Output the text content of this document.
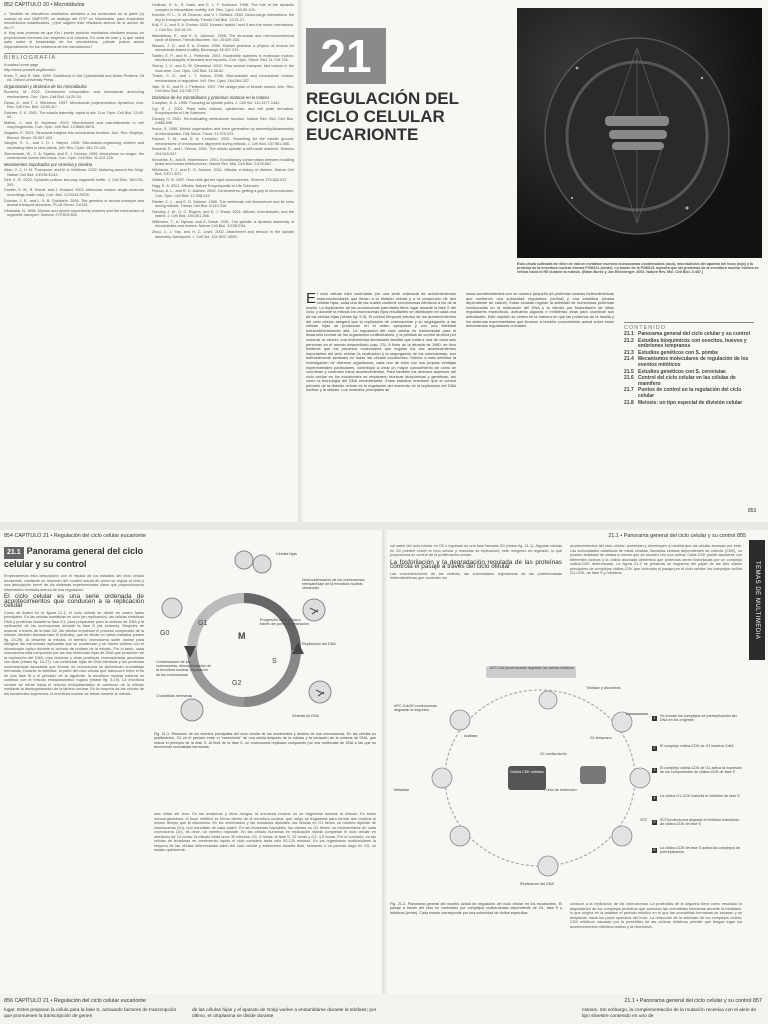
852 CAPÍTULO 20 • Microtúbulos

c. También se obtuvieron resultados similares a los mostrados en la parte (c) cuando se usó GMPCPP, un análogo del GTP no hidrolizable, para ensamblar microtúbulos estabilizados. ¿Qué sugiere este resultado acerca de la acción de Kin I?

d. Hay más pruebas de que Kin I puede producir resultados similares incluso en proporciones menores con respecto a la tubulina. En vista de esto y lo que usted sabe sobre el ensamblaje de los microtúbulos, ¿dónde podría actuar especialmente en los extremos de los microtúbulos?

BIBLIOGRAFÍA
Knowles home page
http://www.proweb.org/kinesin/
Kreis, T., and R. Vale. 1999. Guidebook to the Cytoskeletal and Motor Proteins. 2d ed. Oxford University Press.
Organización y dinámica de los microtúbulos
Bornens, M. 2002. Centrosome composition and microtubule anchoring mechanisms. Curr. Opin. Cell Biol. 14:25-34.
Desai, A., and T. J. Mitchison. 1997. Microtubule polymerization dynamics. Ann. Rev. Cell Dev. Biol. 13:83-117.
Dutcher, S. K. 2001. The tubulin fraternity: alpha to eta. Curr. Opin. Cell Biol. 13:49-54.
Mathis, J., and M. Holzbaur. 2002. Microtubules and microfilaments in cell morphogenesis. Curr. Opin. Cell Biol. 12:8669-8676.
Nogales, E. 2001. Structural insights into microtubule function. Ann. Rev. Biophys. Biomol. Struct. 30:397-420.
Vaughn, K. C., and J. D. I. Harper. 1998. Microtubule-organizing centers and nucleating sites in land plants. Int'l. Rev. Cytol. 181:75-149.
Zimmerman, W., C. A. Sparks, and S. J. Doxsey. 1999. Amorphous no longer: the centrosome comes into focus. Curr. Opin. Cell Biol. 11:122-128.
Movimientos impulsados por cinesina y cinelina
Allan, V. J., H. M. Thompson, and M. A. McNiven. 2002. Motoring around the Golgi. Nature Cell Biol. 4:E236-E242.
Dell, K. R. 2003. Dynactin polices two-way organelle traffic. J. Cell Biol. 160:291-293.
Dowler, S. W., R. Schott, and J. Howard. 2002. Molecular motors: single-molecule recordings made easy. Curr. Biol. 12:R203-R205.
Duncan, J. E., and L. S. B. Goldstein. 2006. The genetics of axonal transport and axonal transport disorders. PLoS Genet. 2:e124.
Hirokawa, N. 1998. Kinesin and dynein superfamily proteins and the mechanism of organelle transport. Science 279:519-526.
Holleran, E. A., S. Karki, and E. L. F. Holzbaur. 1998. The role of the dynactin complex in intracellular motility. Int'l. Rev. Cytol. 182:69-109.
Karcher, R. L., S. W. Deacon, and V. I. Gelfand. 2002. Motor-cargo interactions: the key to transport specificity. Trends Cell Biol. 12:21-27.
Kull, F. J., and S. A. Endow. 2002. Kinesin: switch I and II and the motor mechanism. J. Cell Sci. 115:15-23.
Mandelkow, E., and K. A. Johnson. 1998. The structural and mechanochemical cycle of kinesin. Trends Biochem. Sci. 23:429-433.
Mizuno, J. D., and S. A. Endow. 1996. Kinesin proteins: a phylum of motors for microtubule-based motility. Bioessays 18:207-219.
Sablin, E. P., and R. J. Fletterick. 2001. Nucleotide switches in molecular motors: structural analysis of kinesins and myosins. Curr. Opin. Struct. Biol. 11:716-724.
Skerry, J. V., and D. W. Cleveland. 2002. Slow axonal transport: fast motors in the slow lane. Curr. Opin. Cell Biol. 14:38-62.
Thaler, C. D., and L. T. Haimo. 1996. Microtubules and microtubule motors: mechanisms of regulation. Int'l. Rev. Cytol. 164:269-327.
Vale, R. D., and R. J. Fletterick. 1997. The design plan of kinesin motors. Ann. Rev. Cell Dev. Biol. 13:745-777.
Dinámica de los microtúbulos y proteínas motoras en la mitosis
Compton, D. A. 1998. Focusing on spindle poles. J. Cell Sci. 111:1477-1481.
Cyr, R. J. 2001. Plant cells: mitosis, cytokinesis, and cell plate formation. Encyclopedia of Life Sciences.
Doxsey, S. 2001. Re-evaluating centrosome function. Nature Rev. Mol. Cell Biol. 2:688-698.
Inoue, S. 1996. Mitotic organization and force generation by assembly/disassembly of microtubules. Cell Struct. Funct. 21:375-379.
Kapoor, T. M., and D. A. Compton. 2002. Searching for the middle ground: mechanisms of chromosome alignment during mitosis. J. Cell Biol. 157:551-556.
Karsenti, E., and I. Vernos. 2001. The mitotic spindle: a self-made machine. Science 294:543-547.
Kinoshita, K., and B. Habermann. 2001. Evolutionary conservation between budding yeast and human kinetochores. Nature Rev. Mol. Cell Biol. 2:678-687.
Mitchison, T. J., and E. D. Salmon. 2001. Mitosis: a history of division. Nature Cell Biol. 3:E17-E21.
Nicklas, R. B. 1997. How cells get the right chromosomes. Science 275:632-637.
Nigg, E. A. 2001. Mitosis. Nature Encyclopedia of Life Sciences.
Pidoux, A. L., and R. C. Allshire. 2000. Centromeres: getting a grip of chromosomes. Curr. Opin. Cell Biol. 12:308-319.
Rieder, C. L., and E. D. Salmon. 1998. The vertebrate cell kinetochore and its roles during mitosis. Trends Cell Biol. 8:310-318.
Scholey, J. M., G. C. Rogers, and D. J. Sharp. 2001. Mitosis, microtubules, and the matrix. J. Cell Biol. 154:261-266.
Wittmann, T., A. Hyman, and A. Desai. 2001. The spindle: a dynamic assembly of microtubules and motors. Nature Cell Biol. 3:E28-E34.
Zhou, J., J. Yao, and H. C. Joshi. 2002. Attachment and tension in the spindle assembly checkpoint. J. Cell Sci. 115:3547-3555.
21
REGULACIÓN DEL CICLO CELULAR EUCARIONTE
Esta célula cultivada de riñón de rata en metafase muestra cromosomas condensados (azul), microtúbulos del aparato del huso (rojo) y la proteína de la envoltura nuclear interna POM121 (verde). La fusión de la POM121 muestra que las proteínas de la envoltura nuclear interna se retiran hacia el RE durante la mitosis. (Brian Burke y Jan Ellenberger. 2002. Nature Rev. Mol. Cell Biol. 3:487.)
El ciclo celular está controlado por una serie ordenada de acontecimientos macromoleculares que llevan a la división celular y a la producción de dos células hijas, cada una de las cuales contiene cromosomas idénticos a los de la madre. La duplicación de los cromosomas parentales tiene lugar durante la fase S del ciclo, y durante la mitosis los cromosomas hijos resultantes se distribuyen en cada una de las células hijas (véase fig. 9-3). El control temporal preciso de los acontecimientos del ciclo celular asegura que la replicación de cromosomas y su segregación a las células hijas se produzcan en el orden apropiado y con una fidelidad extraordinariamente alta. La regulación del ciclo celular es fundamental para el desarrollo normal de los organismos multicelulares, y la pérdida de control termina por conducir al cáncer, una enfermedad demasiado familiar que mata a una de cada seis personas en el mundo desarrollado (cap. 23). A fines de la década de 1980, se hizo evidente que los procesos moleculares que regulan los dos acontecimientos importantes del ciclo celular, la replicación y la segregación de los cromosomas, son esencialmente similares en todas las células eucariontes. Debido a esta similitud la investigación de diversos organismos, cada uno de ellos con sus propias ventajas experimentales particulares, contribuyó a crear un mayor conocimiento de cómo se coordinan y controlan estos acontecimientos. Para también los diversos aspectos del ciclo celular en los eucariontes se emplearon técnicas bioquímicas y genéticas, así como la tecnología del DNA recombinante. Estos estudios revelaron que el control primario de la división celular es la regulación del momento de la replicación del DNA nuclear y la mitosis. Los controles principales de
estos acontecimientos son un número pequeño de proteínas cinasas heterodiméricas que contienen una subunidad reguladora (ciclina) y una catalítica (cinasa dependiente de ciclina). Estas cinasas regulan la actividad de numerosas proteínas involucradas en la replicación del DNA y la mitosis por fosforilación de sitios reguladores específicos, activando algunas e inhibiendo otras para coordinar sus actividades. Este capítulo se centra en la manera en que las proteínas de la familia y los sistemas experimentales que llevaron a nuestro conocimiento actual sobre estos mecanismos reguladores cruciales.	CONTENIDO
21.1 Panorama general del ciclo celular y su control
21.2 Estudios bioquímicos con ovocitos, huevos y embriones tempranos
21.3 Estudios genéticos con S. pombe
21.4 Mecanismos moleculares de regulación de los eventos mitóticos
21.5 Estudios genéticos con S. cerevisiae
21.6 Control del ciclo celular en las células de mamífero
21.7 Puntos de control en la regulación del ciclo celular
21.8 Meiosis: un tipo especial de división celular
853
854 CAPÍTULO 21 • Regulación del ciclo celular eucarionte
21.1 Panorama general del ciclo celular y su control

Empezaremos esta descripción con el repaso de los estadios del ciclo celular eucarionte, mediante un resumen del modelo actual de cómo se regula el ciclo y una descripción breve de los sistemas experimentales clave que proporcionaron información revelada acerca de esa regulación.

El ciclo celular es una serie ordenada de acontecimientos que conducen a la replicación celular

Como se ilustra en la figura 21-1, el ciclo celular se divide en cuatro fases principales. En las células somáticas en ciclo (en replicación), las células sintetizan RNA y proteínas durante la fase G1, para prepararse para la síntesis de DNA y la replicación de los cromosomas durante la fase S (de síntesis). Después de avanzar a través de la fase G2, las células empiezan el proceso complicado de la mitosis, también llamada fase M (mitosis), que se divide en varios estadios (véase fig. 20-29). Al describir la mitosis, el término cromosoma suele usarse para designar las estructuras replicadas que se condensan y se hacen visibles con el microscopio óptico durante el período de profase de la mitosis. Por lo tanto, cada cromosoma está compuesto por las dos moléculas hijas de DNA que provienen de la replicación del DNA, más histonas y otras proteínas cromosómicas asociadas con ellas (véase fig. 10-27). Las moléculas hijas de DNA idénticas y las proteínas cromosómicas asociadas que forman un cromosoma se denominan cromátidas hermanas. Durante la interfase, la parte del ciclo celular que transcurre entre el fin de una fase M y el principio de la siguiente, la envoltura nuclear externa es continua con el retículo endoplasmático rugoso (véase fig. 5-19). La envoltura nuclear se retrae hacia el retículo endoplasmático al comienzo de la mitosis mediante la desorganización de la lámina nuclear. En la mayoría de las células de los eucariontes superiores, la envoltura nuclear se retrae durante la mitosis.

M
G1
S
G2
G0
Células hijas
Descondensación de los cromosomas, reensamblaje de la envoltura nuclear, citocinesis
Progresión de la célula a través del punto de restricción
Replicación del DNA
Condensación de los cromosomas, desorganización de la envoltura nuclear, separación de los cromosomas
Cromátidas hermanas
Síntesis de DNA
Fig. 21-1. Resumen de los eventos principales del ciclo celular de los eucariontes y destino de sus cromosomas. En las células en proliferación, G1 es el período entre el "nacimiento" de una célula después de la mitosis y la iniciación de la síntesis de DNA, que marca el principio de la fase S. Al final de la fase S, un cromosoma replicado compuesto por dos moléculas de DNA a las que se denominan cromátidas hermanas.

otra mitad del ciclo. En las levaduras y otros hongos, la envoltura nuclear no se fragmenta durante la mitosis. En estos microorganismos, el huso mitótico se forma dentro de la envoltura nuclear, que luego se fragmenta para formar dos núcleos al mismo tiempo que la citocinesis. En los vertebrados y las levaduras diploides, las células en G1 tienen un número diploide de cromosomas (2n), uno heredado de cada padre. En las levaduras haploides, las células en G1 tienen un representante de cada cromosoma (1n), es decir, un número haploide. En las células humanas en replicación rápida completan el ciclo celular en alrededor de 24 horas: la mitosis tarda unos 30 minutos; G1, 9 horas; la fase S, 10 horas y G2, 4,5 horas. Por el contrario, en las células de levaduras en crecimiento rápido el ciclo completo tarda sólo 90-120 minutos. En los organismos multicelulares la mayoría de las células diferenciadas salen del ciclo celular y sobreviven durante días, semanas o un período largo en G0, un estado quiescente.

21.1 • Panorama general del ciclo celular y su control 855
TEMAS DE MULTIMEDIA

nal salen del ciclo celular en G0 e ingresan en una fase llamada G0 (véase fig. 21-1). Algunas células en G0 pueden volver al ciclo celular y reanudar su replicación; este reingreso es regulado, lo que proporciona un control de la proliferación celular.

La fosforilación y la degradación regulada de las proteínas controla el pasaje a través del ciclo celular

Las concentraciones de las ciclinas, las subunidades reguladoras de las proteincinasas heterodiméricas que controlan los

acontecimientos del ciclo celular, aumentan y disminuyen a medida que las células avanzan por éste. Las subunidades catalíticas de estas cinasas, llamadas cinasas dependientes de ciclinas (CDK), no poseen actividad de cinasa a menos que se asocien con una ciclina. Cada CDK puede asociarse con diferentes ciclinas y la ciclina asociada determina qué proteínas serán fosforiladas por un complejo ciclina-CDK determinado. La figura 21-2 se presenta un esquema del papel de las tres clases principales de complejos ciclina-CDK que controlan el pasaje por el ciclo celular: los complejos ciclina G1-CDK, de fase S y mitóticos.

APC-Cdh1/proteosomas degradan las ciclinas mitóticas
APC-Cdc20/ proteosomas degradan la segurina
Telofase y citocinesis
Anafase	G1 temprano
G1 media-tardío
Punto de restricción
Metafase
Ciclina CDK mitótica
SCF
Replicación del DNA
1	Se forman los complejos de prerreplicación del DNA en los orígenes
2	El complejo ciclina-CDK de G1 inactiva Cdh1
3	El complejo ciclina-CDK de G1 activa la expresión de los componentes de ciclina-CDK de fase S
4	La ciclina G1-CDK fosforila el inhibidor de fase S
5	SCF/proteosoma degrada el inhibidor fosforilado de ciclina-CDK de fase S
6	La ciclina-CDK de fase S activa los complejos de prerreplicación
Fig. 21-2. Panorama general del modelo actual de regulación del ciclo celular en los eucariontes. El pasaje a través del ciclo es controlado por complejos ciclina-cinasa dependiente de G1, fase S y mitóticos (verde). Cada evento corresponde por una subunidad de ciclina específica.
conduce a la replicación de los cromosomas. La proteólisis de la segurina tiene como resultado la degradación de los complejos proteicos que conectan las cromátidas hermanas durante la metafase, lo que origina en la anafase el período mitótico en el que las cromátidas hermanas se separan y se desplazan hacia los polos opuestos del huso. La reducción de la actividad de los complejos ciclina-CDK mitóticos causada por la proteólisis de las ciclinas mitóticas permite que tengan lugar los acontecimientos mitóticos tardíos y la citocinesis.
856 CAPÍTULO 21 • Regulación del ciclo celular eucarionte	21.1 • Panorama general del ciclo celular y su control 857
lugar. Estos preparan la célula para la fase S, activando factores de transcripción que promueven la transcripción de genes
de las células hijas y el aparato de Golgi vuelve a ensamblarse durante la telofase; por último, el citoplasma se divide durante
mitosis. Sin embargo, la complementación de la mutación recesiva con el alelo de tipo silvestre contenido en uno de
